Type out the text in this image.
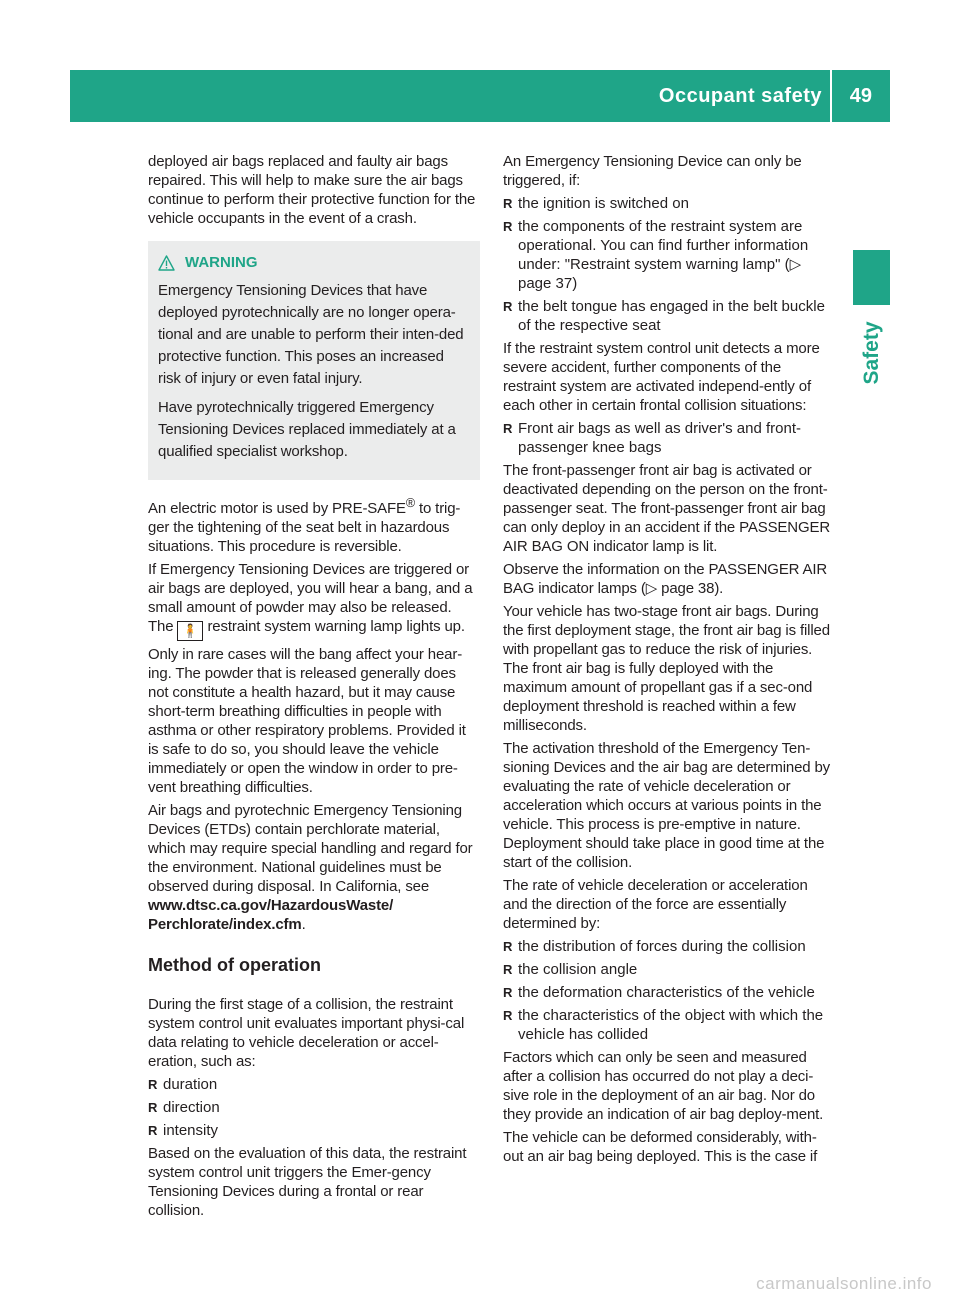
Occupant safety 49
Safety

deployed air bags replaced and faulty air bags repaired. This will help to make sure the air bags continue to perform their protective function for the vehicle occupants in the event of a crash.

WARNING

Emergency Tensioning Devices that have deployed pyrotechnically are no longer opera-tional and are unable to perform their inten-ded protective function. This poses an increased risk of injury or even fatal injury.

Have pyrotechnically triggered Emergency Tensioning Devices replaced immediately at a qualified specialist workshop.

An electric motor is used by PRE-SAFE® to trig-ger the tightening of the seat belt in hazardous situations. This procedure is reversible.

If Emergency Tensioning Devices are triggered or air bags are deployed, you will hear a bang, and a small amount of powder may also be released. The 🧍 restraint system warning lamp lights up.

Only in rare cases will the bang affect your hear-ing. The powder that is released generally does not constitute a health hazard, but it may cause short-term breathing difficulties in people with asthma or other respiratory problems. Provided it is safe to do so, you should leave the vehicle immediately or open the window in order to pre-vent breathing difficulties.

Air bags and pyrotechnic Emergency Tensioning Devices (ETDs) contain perchlorate material, which may require special handling and regard for the environment. National guidelines must be observed during disposal. In California, see www.dtsc.ca.gov/HazardousWaste/ Perchlorate/index.cfm.

Method of operation

During the first stage of a collision, the restraint system control unit evaluates important physi-cal data relating to vehicle deceleration or accel-eration, such as:

R duration
R direction
R intensity

Based on the evaluation of this data, the restraint system control unit triggers the Emer-gency Tensioning Devices during a frontal or rear collision.

An Emergency Tensioning Device can only be triggered, if:

R the ignition is switched on
R the components of the restraint system are operational. You can find further information under: "Restraint system warning lamp" (▷ page 37)
R the belt tongue has engaged in the belt buckle of the respective seat

If the restraint system control unit detects a more severe accident, further components of the restraint system are activated independ-ently of each other in certain frontal collision situations:

R Front air bags as well as driver's and front-passenger knee bags

The front-passenger front air bag is activated or deactivated depending on the person on the front-passenger seat. The front-passenger front air bag can only deploy in an accident if the PASSENGER AIR BAG ON indicator lamp is lit.

Observe the information on the PASSENGER AIR BAG indicator lamps (▷ page 38).

Your vehicle has two-stage front air bags. During the first deployment stage, the front air bag is filled with propellant gas to reduce the risk of injuries. The front air bag is fully deployed with the maximum amount of propellant gas if a sec-ond deployment threshold is reached within a few milliseconds.

The activation threshold of the Emergency Ten-sioning Devices and the air bag are determined by evaluating the rate of vehicle deceleration or acceleration which occurs at various points in the vehicle. This process is pre-emptive in nature. Deployment should take place in good time at the start of the collision.

The rate of vehicle deceleration or acceleration and the direction of the force are essentially determined by:

R the distribution of forces during the collision
R the collision angle
R the deformation characteristics of the vehicle
R the characteristics of the object with which the vehicle has collided

Factors which can only be seen and measured after a collision has occurred do not play a deci-sive role in the deployment of an air bag. Nor do they provide an indication of air bag deploy-ment.

The vehicle can be deformed considerably, with-out an air bag being deployed. This is the case if

carmanualsonline.info
